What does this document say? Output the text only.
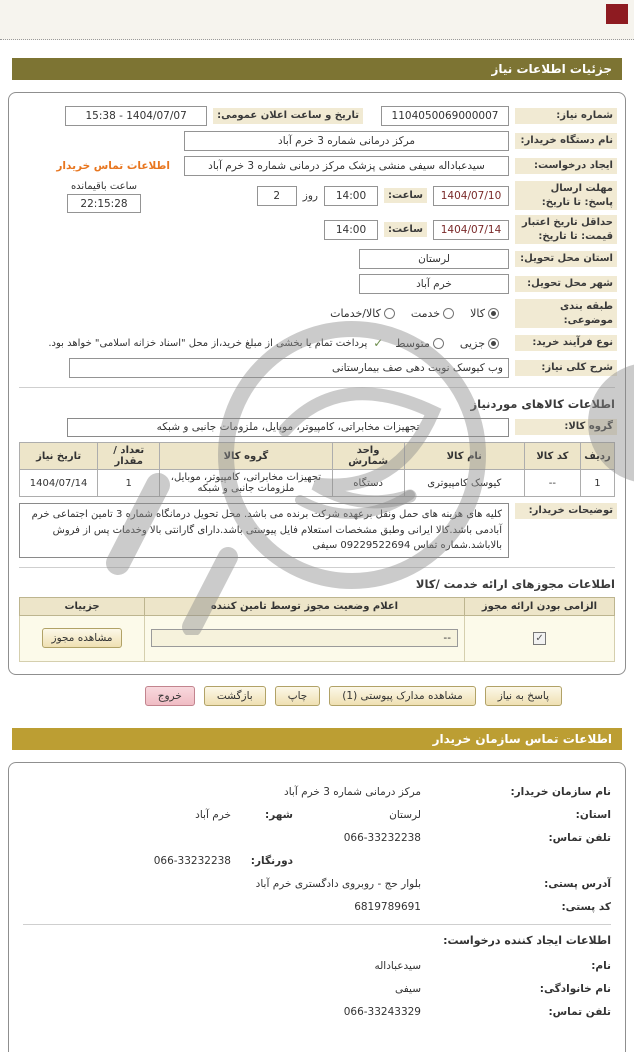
جزئیات اطلاعات نیاز
شماره نیاز:
1104050069000007
تاریخ و ساعت اعلان عمومی:
1404/07/07 - 15:38
نام دستگاه خریدار:
مرکز درمانی شماره 3 خرم آباد
ایجاد درخواست:
سیدعباداله سیفی منشی پزشک مرکز درمانی شماره 3 خرم آباد
اطلاعات تماس خریدار
مهلت ارسال پاسخ: تا تاریخ:
1404/07/10
ساعت:
14:00
روز
2
حداقل تاریخ اعتبار قیمت: تا تاریخ:
1404/07/14
ساعت:
14:00
ساعت باقیمانده
22:15:28
استان محل تحویل:
لرستان
شهر محل تحویل:
خرم آباد
طبقه بندی موضوعی:
کالا
خدمت
کالا/خدمات
نوع فرآیند خرید:
جزیی
متوسط
✓
پرداخت تمام یا بخشی از مبلغ خرید،از محل "اسناد خزانه اسلامی" خواهد بود.
شرح کلی نیاز:
وب کیوسک نوبت دهی صف بیمارستانی
اطلاعات کالاهای موردنیاز
گروه کالا:
تجهیزات مخابراتی، کامپیوتر، موبایل، ملزومات جانبی و شبکه
ردیف	کد کالا	نام کالا	واحد شمارش	گروه کالا	تعداد / مقدار	تاریخ نیاز
1	--	کیوسک کامپیوتری	دستگاه	تجهیزات مخابراتی، کامپیوتر، موبایل، ملزومات جانبی و شبکه	1	1404/07/14
توضیحات خریدار:
کلیه های هزینه های حمل ونقل برعهده شرکت برنده می باشد. محل تحویل درمانگاه شماره 3 تامین اجتماعی خرم آبادمی باشد.کالا ایرانی وطبق مشخصات استعلام فایل پیوستی باشد.دارای گارانتی بالا وخدمات پس از فروش بالاباشد.شماره تماس 09229522694 سیفی
اطلاعات مجوزهای ارائه خدمت /کالا
الزامی بودن ارائه مجوز	اعلام وضعیت مجوز توسط تامین کننده	جزییات

✓	--	مشاهده مجوز
پاسخ به نیاز
مشاهده مدارک پیوستی (1)
چاپ
بازگشت
خروج
اطلاعات تماس سازمان خریدار
نام سازمان خریدار:
مرکز درمانی شماره 3 خرم آباد
استان:
لرستان
شهر:
خرم آباد
تلفن تماس:
066-33232238
دورنگار:
066-33232238
آدرس پستی:
بلوار حج - روبروی دادگستری خرم آباد
کد پستی:
6819789691
اطلاعات ایجاد کننده درخواست:
نام:
سیدعباداله
نام خانوادگی:
سیفی
تلفن تماس:
066-33243329
